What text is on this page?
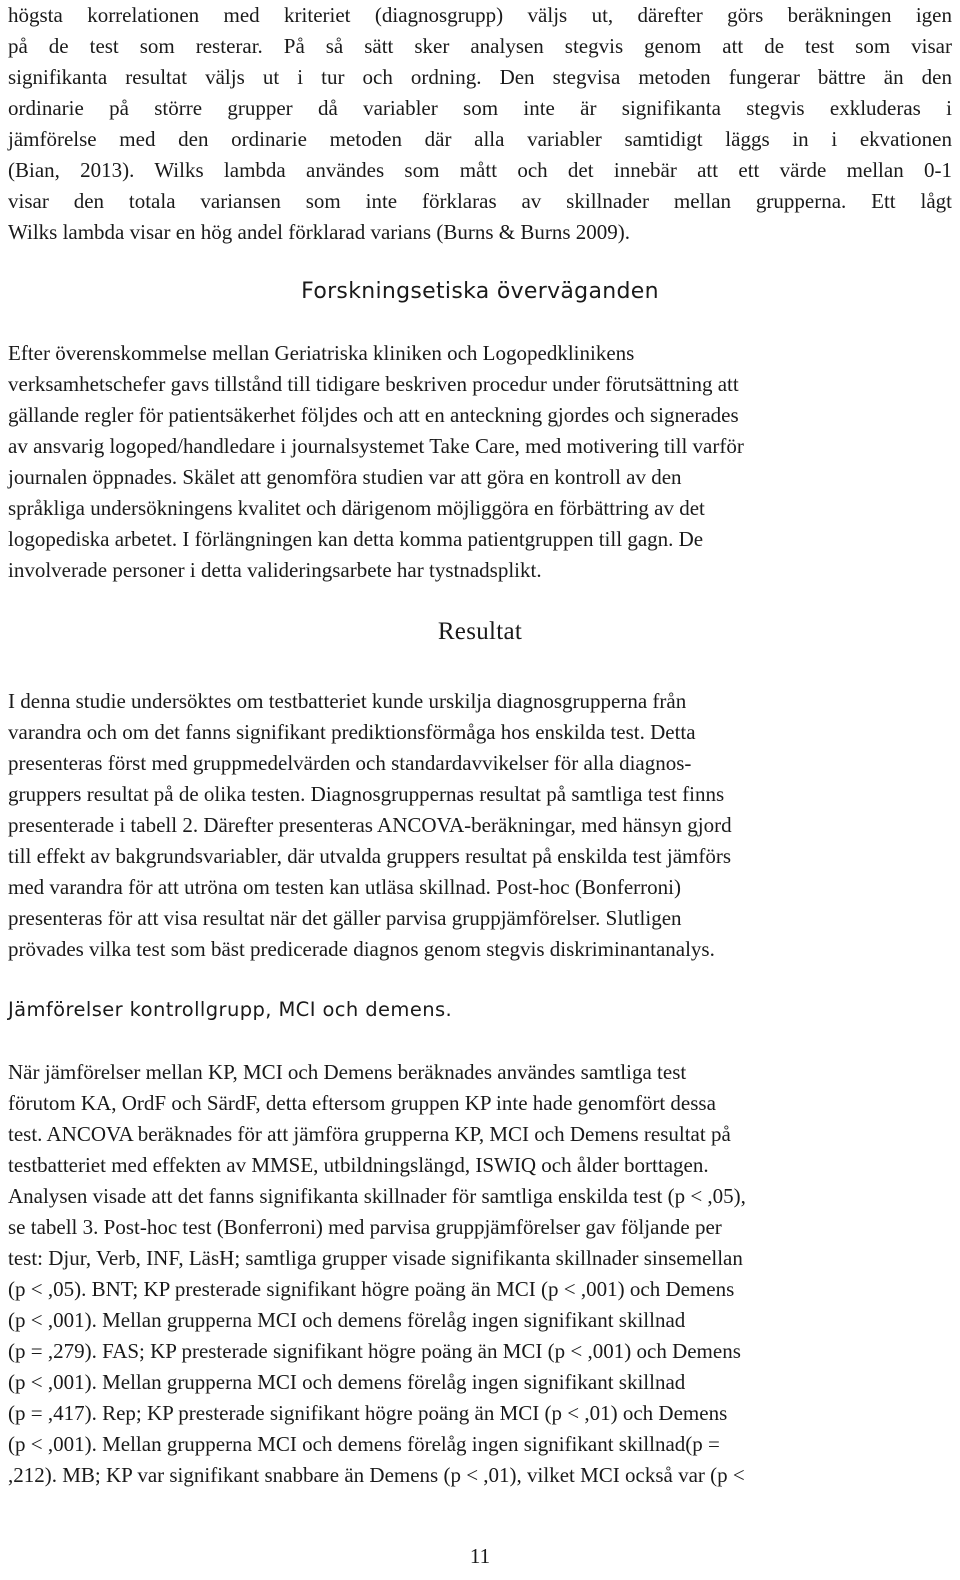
högsta korrelationen med kriteriet (diagnosgrupp) väljs ut, därefter görs beräkningen igen
på de test som resterar. På så sätt sker analysen stegvis genom att de test som visar
signifikanta resultat väljs ut i tur och ordning. Den stegvisa metoden fungerar bättre än den
ordinarie på större grupper då variabler som inte är signifikanta stegvis exkluderas i
jämförelse med den ordinarie metoden där alla variabler samtidigt läggs in i ekvationen
(Bian, 2013). Wilks lambda användes som mått och det innebär att ett värde mellan 0-1
visar den totala variansen som inte förklaras av skillnader mellan grupperna. Ett lågt
Wilks lambda visar en hög andel förklarad varians (Burns & Burns 2009).
Forskningsetiska överväganden
Efter överenskommelse mellan Geriatriska kliniken och Logopedklinikens
verksamhetschefer gavs tillstånd till tidigare beskriven procedur under förutsättning att
gällande regler för patientsäkerhet följdes och att en anteckning gjordes och signerades
av ansvarig logoped/handledare i journalsystemet Take Care, med motivering till varför
journalen öppnades. Skälet att genomföra studien var att göra en kontroll av den
språkliga undersökningens kvalitet och därigenom möjliggöra en förbättring av det
logopediska arbetet. I förlängningen kan detta komma patientgruppen till gagn. De
involverade personer i detta valideringsarbete har tystnadsplikt.
Resultat
I denna studie undersöktes om testbatteriet kunde urskilja diagnosgrupperna från
varandra och om det fanns signifikant prediktionsförmåga hos enskilda test. Detta
presenteras först med gruppmedelvärden och standardavvikelser för alla diagnos-
gruppers resultat på de olika testen. Diagnosgruppernas resultat på samtliga test finns
presenterade i tabell 2. Därefter presenteras ANCOVA-beräkningar, med hänsyn gjord
till effekt av bakgrundsvariabler, där utvalda gruppers resultat på enskilda test jämförs
med varandra för att utröna om testen kan utläsa skillnad. Post-hoc (Bonferroni)
presenteras för att visa resultat när det gäller parvisa gruppjämförelser. Slutligen
prövades vilka test som bäst predicerade diagnos genom stegvis diskriminantanalys.
Jämförelser kontrollgrupp, MCI och demens.
När jämförelser mellan KP, MCI och Demens beräknades användes samtliga test
förutom KA, OrdF och SärdF, detta eftersom gruppen KP inte hade genomfört dessa
test. ANCOVA beräknades för att jämföra grupperna KP, MCI och Demens resultat på
testbatteriet med effekten av MMSE, utbildningslängd, ISWIQ och ålder borttagen.
Analysen visade att det fanns signifikanta skillnader för samtliga enskilda test (p < ,05),
se tabell 3. Post-hoc test (Bonferroni) med parvisa gruppjämförelser gav följande per
test: Djur, Verb, INF, LäsH; samtliga grupper visade signifikanta skillnader sinsemellan
(p < ,05). BNT; KP presterade signifikant högre poäng än MCI (p < ,001) och Demens
(p < ,001). Mellan grupperna MCI och demens förelåg ingen signifikant skillnad
(p = ,279). FAS; KP presterade signifikant högre poäng än MCI (p < ,001) och Demens
(p < ,001). Mellan grupperna MCI och demens förelåg ingen signifikant skillnad
(p = ,417). Rep; KP presterade signifikant högre poäng än MCI (p < ,01) och Demens
(p < ,001). Mellan grupperna MCI och demens förelåg ingen signifikant skillnad(p =
,212). MB; KP var signifikant snabbare än Demens (p < ,01), vilket MCI också var (p <
11
